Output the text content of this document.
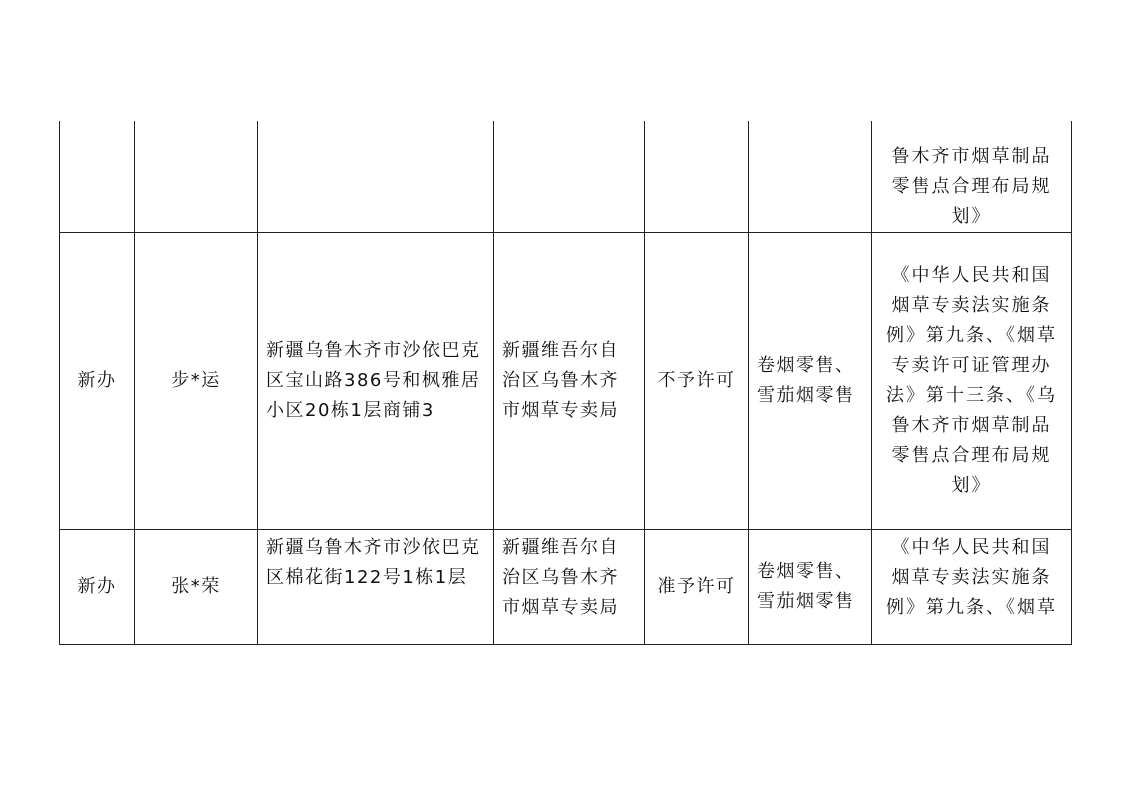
						鲁木齐市烟草制品零售点合理布局规划》
新办	步*运	新疆乌鲁木齐市沙依巴克区宝山路386号和枫雅居小区20栋1层商铺3	新疆维吾尔自治区乌鲁木齐市烟草专卖局	不予许可	卷烟零售、雪茄烟零售	《中华人民共和国烟草专卖法实施条例》第九条、《烟草专卖许可证管理办法》第十三条、《乌鲁木齐市烟草制品零售点合理布局规划》
新办	张*荣	新疆乌鲁木齐市沙依巴克区棉花街122号1栋1层	新疆维吾尔自治区乌鲁木齐市烟草专卖局	准予许可	卷烟零售、雪茄烟零售	《中华人民共和国烟草专卖法实施条例》第九条、《烟草
